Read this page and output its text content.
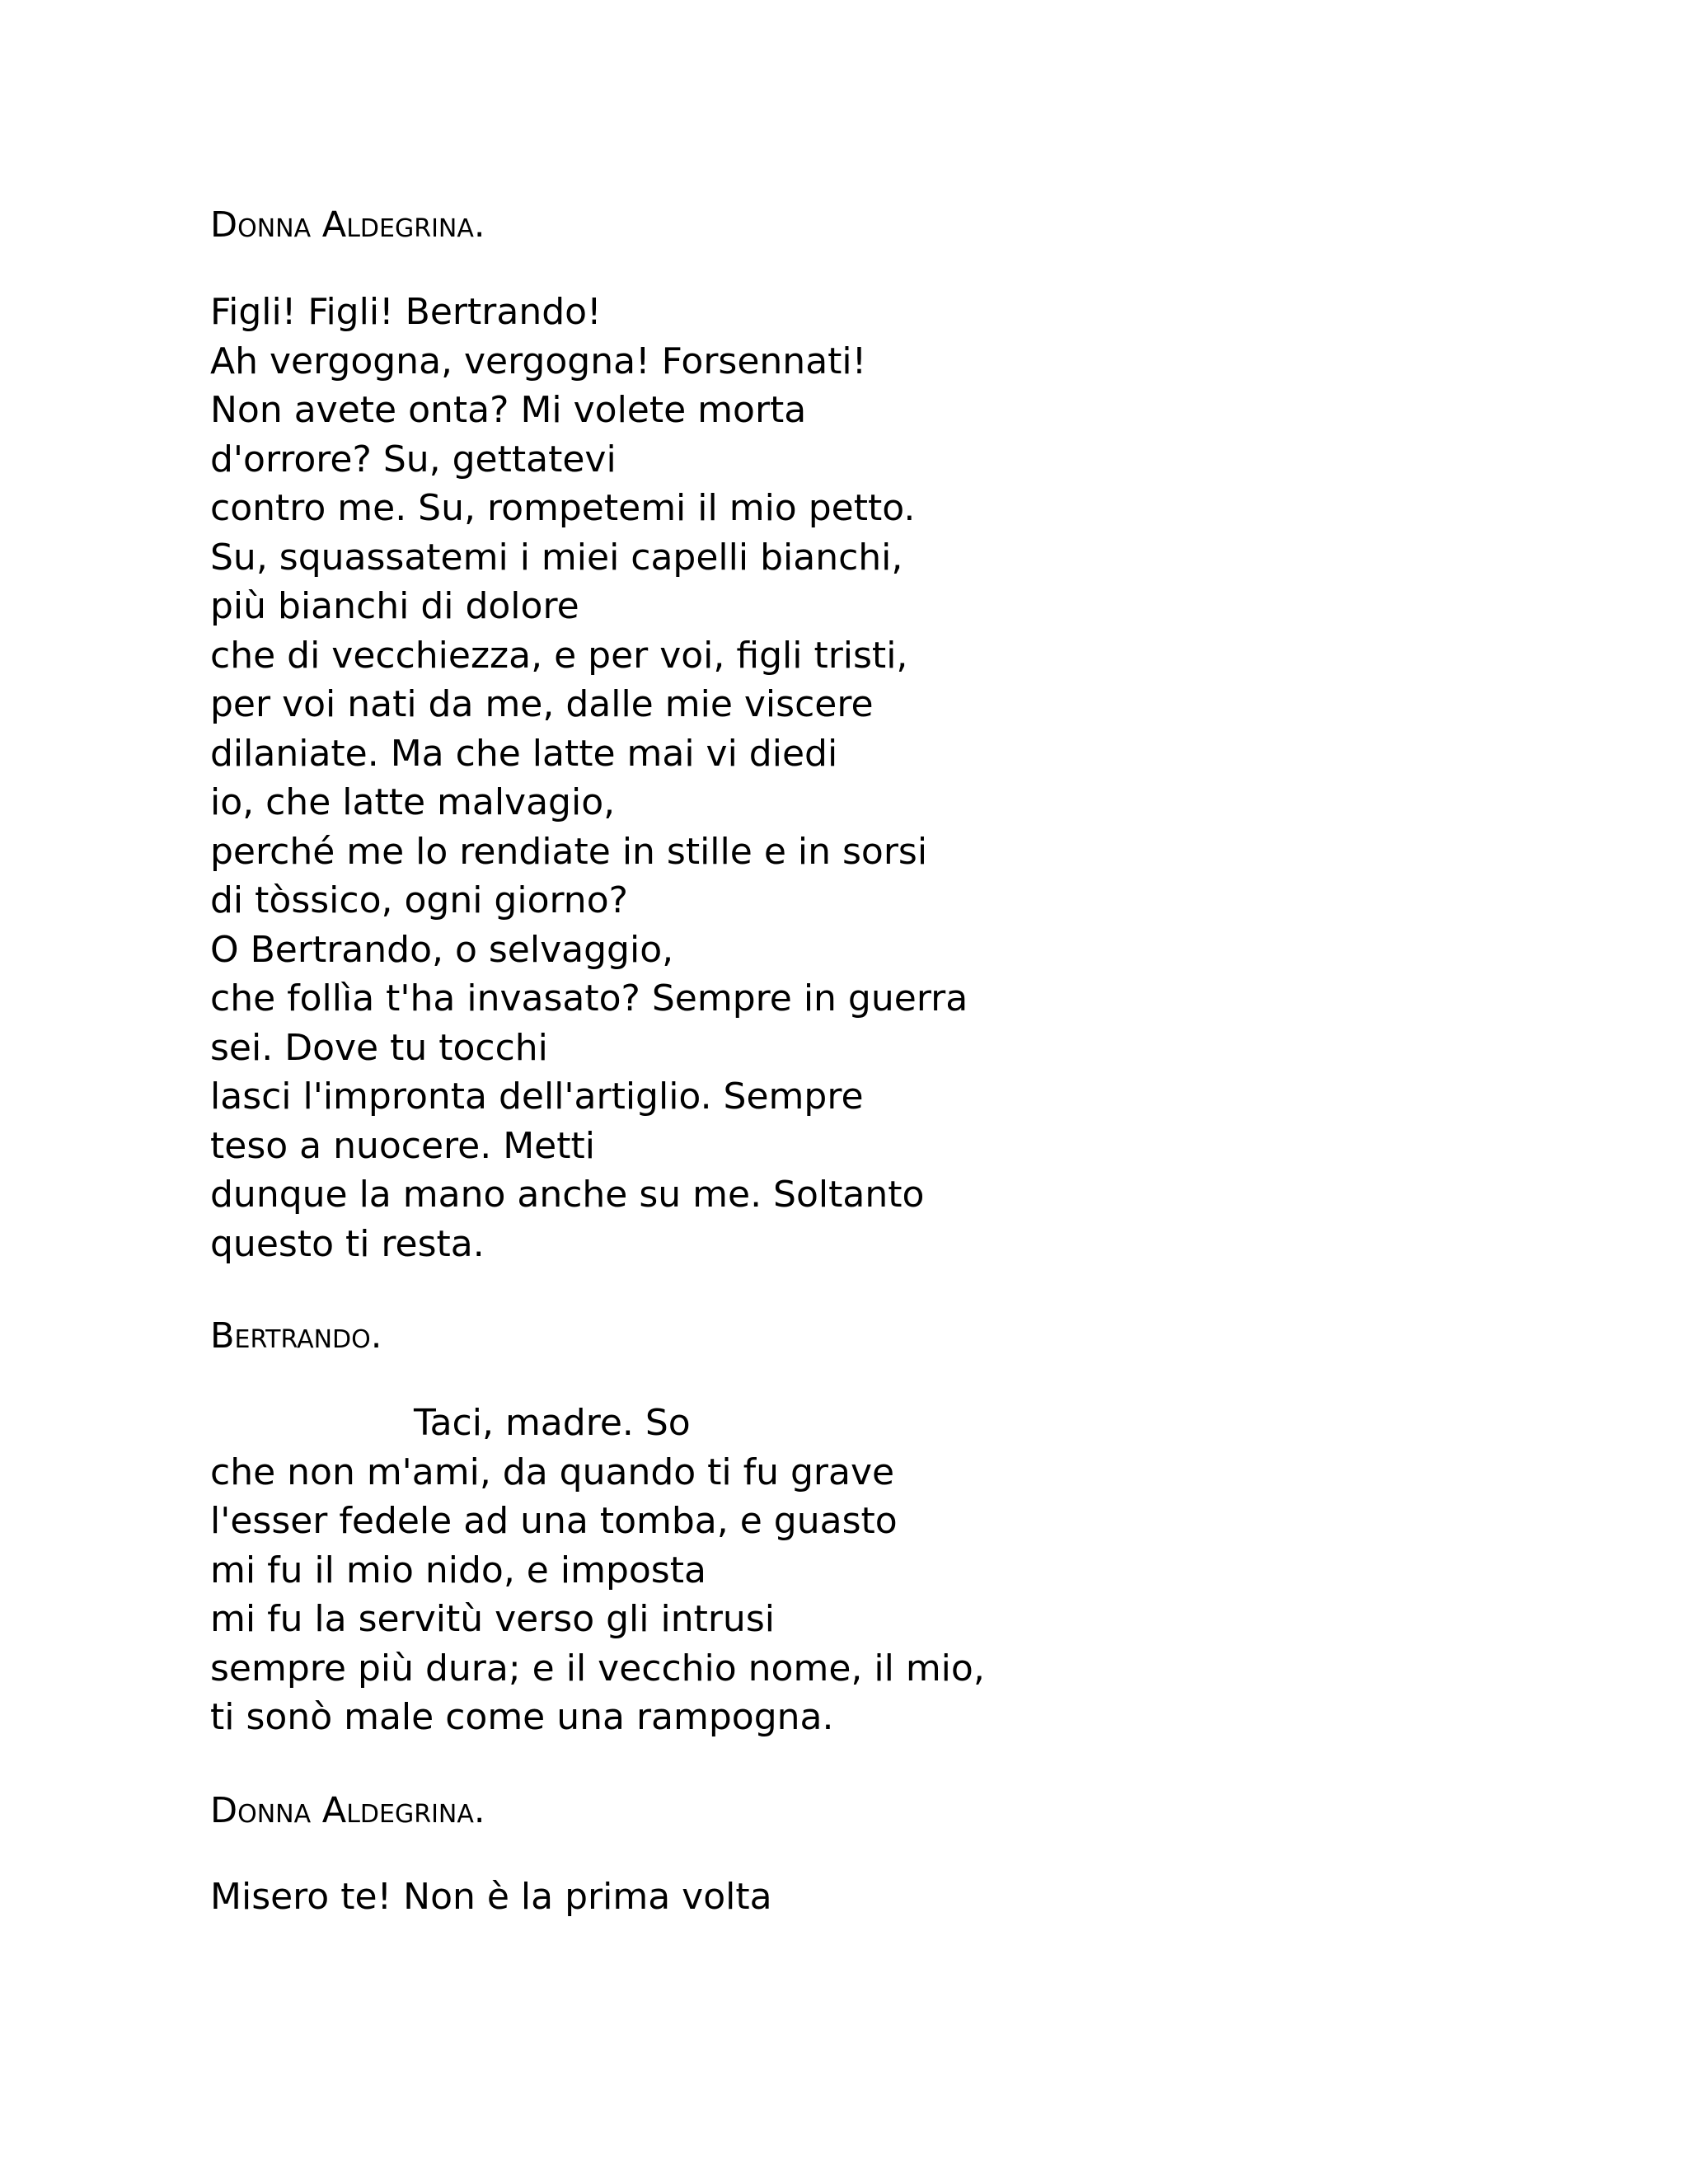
Donna Aldegrina.
Figli! Figli! Bertrando!
Ah vergogna, vergogna! Forsennati!
Non avete onta? Mi volete morta
d'orrore? Su, gettatevi
contro me. Su, rompetemi il mio petto.
Su, squassatemi i miei capelli bianchi,
più bianchi di dolore
che di vecchiezza, e per voi, figli tristi,
per voi nati da me, dalle mie viscere
dilaniate. Ma che latte mai vi diedi
io, che latte malvagio,
perché me lo rendiate in stille e in sorsi
di tòssico, ogni giorno?
O Bertrando, o selvaggio,
che follìa t'ha invasato? Sempre in guerra
sei. Dove tu tocchi
lasci l'impronta dell'artiglio. Sempre
teso a nuocere. Metti
dunque la mano anche su me. Soltanto
questo ti resta.
Bertrando.
Taci, madre. So
che non m'ami, da quando ti fu grave
l'esser fedele ad una tomba, e guasto
mi fu il mio nido, e imposta
mi fu la servitù verso gli intrusi
sempre più dura; e il vecchio nome, il mio,
ti sonò male come una rampogna.
Donna Aldegrina.
Misero te! Non è la prima volta
